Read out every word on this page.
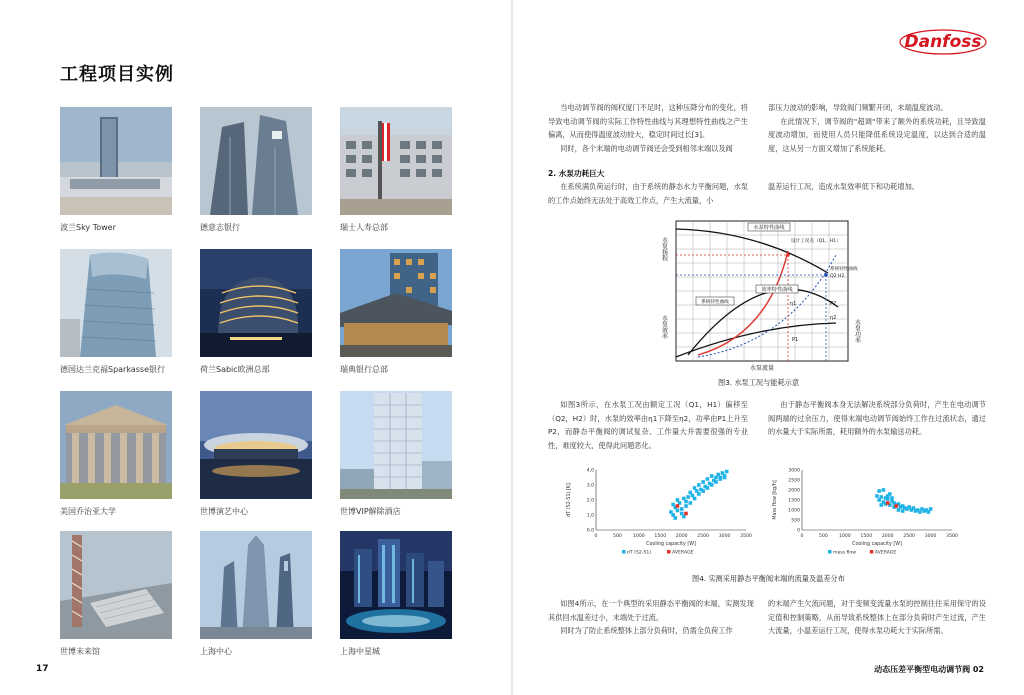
工程项目实例
波兰Sky Tower	德意志银行	瑞士人寿总部
德国达兰克福Sparkasse银行	荷兰Sabic欧洲总部	瑞典银行总部
美国乔治亚大学	世博演艺中心	世博VIP解除酒店
世博未来馆	上海中心	上海中星城
17
Danfoss

当电动调节阀的阀权度门不足时，这种压降分布的变化，将导致电动调节阀的实际工作特性曲线与其理想特性曲线之产生偏离，从而使得温度波动较大，稳定时间过长[3]。

同时，各个末端的电动调节阀还会受到相邻末端以及阀

部压力波动的影响，导致阀门频繁开闭，末端温度波动。

在此情况下，调节阀的"超调"带来了额外的系统功耗，且导致温度波动增加，而使用人员只能降低系统设定温度，以达到合适的温度，这从另一方面又增加了系统能耗。

2. 水泵功耗巨大

在系统满负荷运行时，由于系统的静态水力平衡问题，水泵的工作点始终无法处于高效工作点，产生大流量，小

温差运行工况，造成水泵效率低下和功耗增加。

水泵特性曲线
设计工况点（Q1，H1）
系统特性曲线
Q2 H2
效率特性曲线
系统特性曲线
P1
P2
η1
η2
水泵扬程
水泵效率	水泵功率
水泵流量
图3. 水泵工况与能耗示意

如图3所示，在水泵工况由额定工况（Q1，H1）偏移至（Q2，H2）时，水泵的效率由η1下降至η2，功率由P1上升至P2，而静态平衡阀的调试复杂、工作量大并需要很强的专业性，难度较大，使得此问题恶化。

由于静态平衡阀本身无法解决系统部分负荷时，产生在电动调节阀两端的过余压力，使得末端电动调节阀始终工作在过流状态，通过的水量大于实际所需，耗用额外的水泵输送功耗。

0	500 1000 1500 2000 2500 3000 3500
0,0
1,0
2,0
3,0
4,0
Cooling capacity [W]
dT (S2-S1) [K]
dT (S2-S1)	AVERAGE
0	500 1000 1500 2000 2500 3000 3500
0
500
1000
1500
2000
2500
3000
Cooling capacity [W]
Mass flow [kg/h]
mass flow	AVERAGE
图4. 实测采用静态平衡阀末端的流量及温差分布

如图4所示，在一个典型的采用静态平衡阀的末端，实测发现其供回水温差过小，末端处于过流。

同时为了防止系统整体上部分负荷时，仍需全负荷工作

的末端产生欠流问题，对于变频变流量水泵的控制往往采用保守的设定值和控制策略，从而导致系统整体上在部分负荷时产生过流，产生大流量，小温差运行工况，使得水泵功耗大于实际所需。

动态压差平衡型电动调节阀 02
